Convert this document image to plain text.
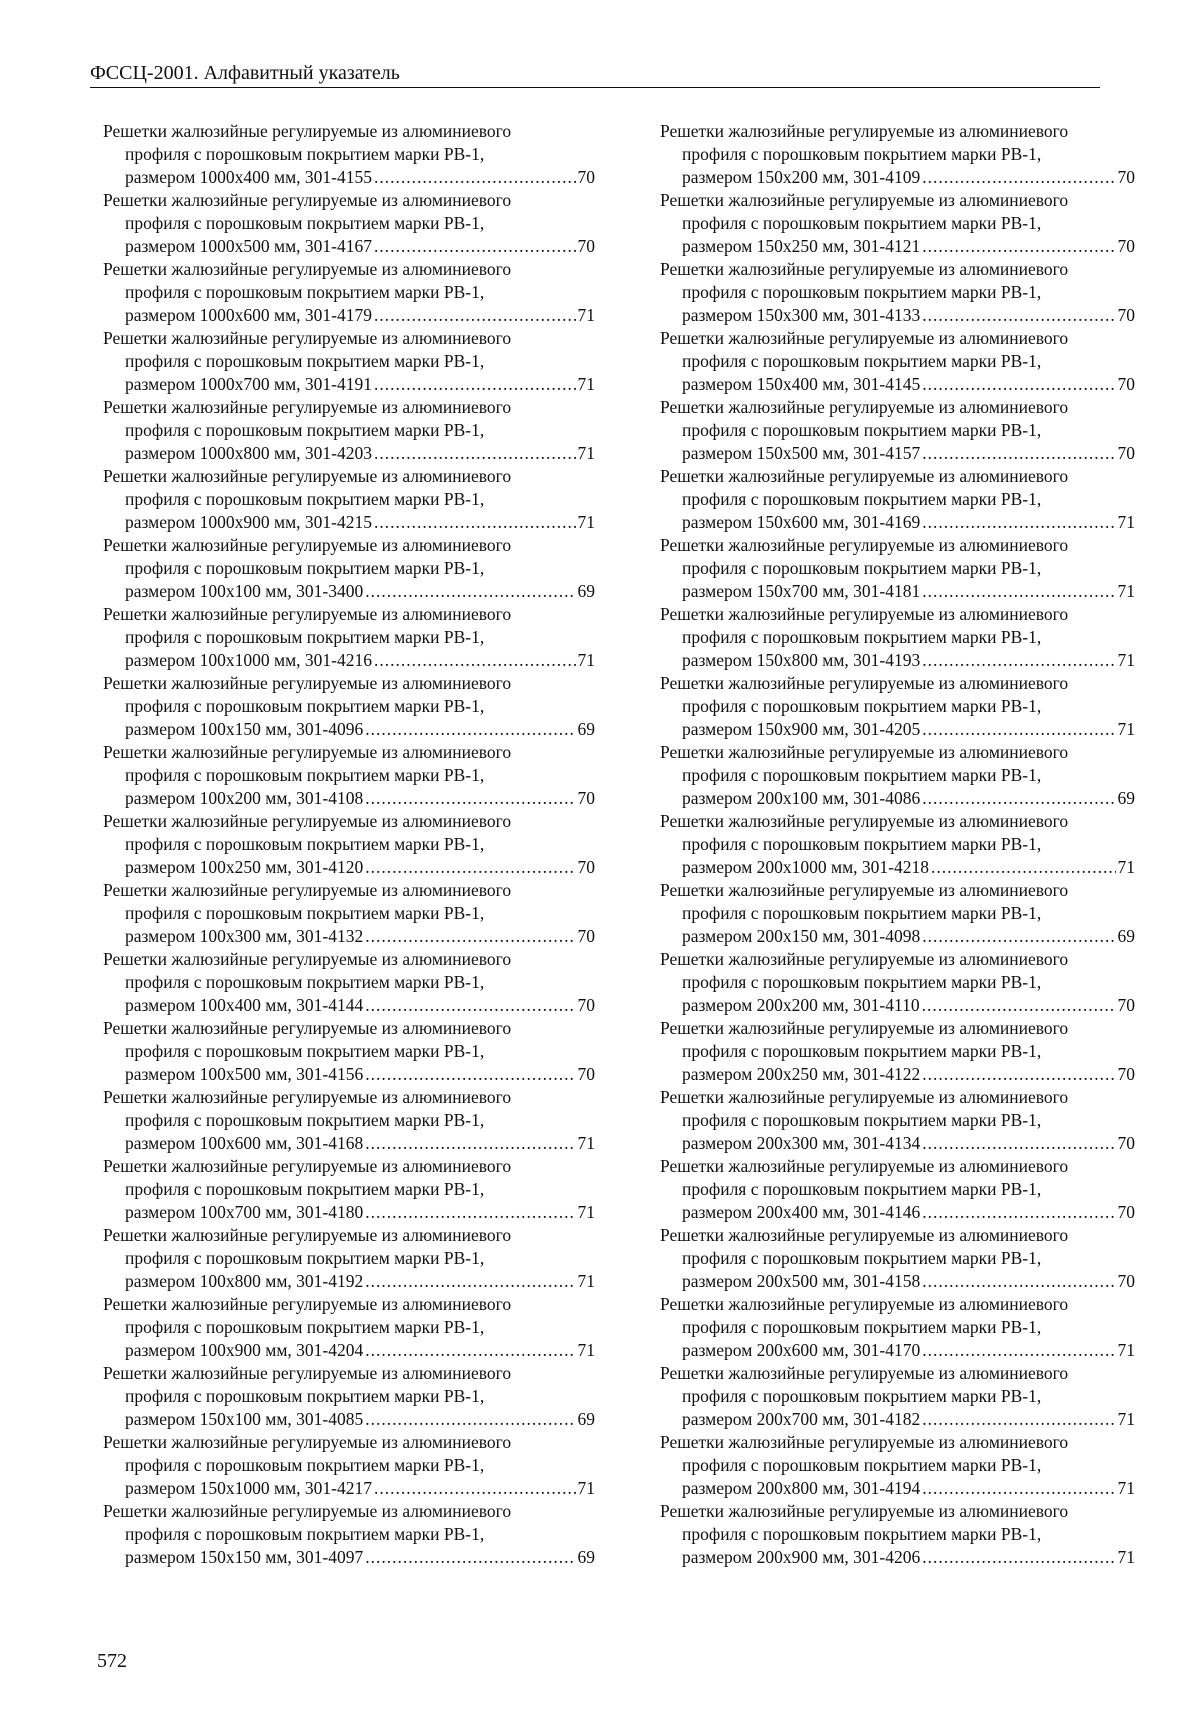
ФССЦ-2001. Алфавитный указатель
Решетки жалюзийные регулируемые из алюминиевого
профиля с порошковым покрытием марки РВ-1,
размером 1000х400 мм, 301-4155 .....	70
Решетки жалюзийные регулируемые из алюминиевого
профиля с порошковым покрытием марки РВ-1,
размером 1000х500 мм, 301-4167 .....	70
Решетки жалюзийные регулируемые из алюминиевого
профиля с порошковым покрытием марки РВ-1,
размером 1000х600 мм, 301-4179 .....	71
Решетки жалюзийные регулируемые из алюминиевого
профиля с порошковым покрытием марки РВ-1,
размером 1000х700 мм, 301-4191 .....	71
Решетки жалюзийные регулируемые из алюминиевого
профиля с порошковым покрытием марки РВ-1,
размером 1000х800 мм, 301-4203 .....	71
Решетки жалюзийные регулируемые из алюминиевого
профиля с порошковым покрытием марки РВ-1,
размером 1000х900 мм, 301-4215 .....	71
Решетки жалюзийные регулируемые из алюминиевого
профиля с порошковым покрытием марки РВ-1,
размером 100х100 мм, 301-3400 .....	69
Решетки жалюзийные регулируемые из алюминиевого
профиля с порошковым покрытием марки РВ-1,
размером 100х1000 мм, 301-4216 .....	71
Решетки жалюзийные регулируемые из алюминиевого
профиля с порошковым покрытием марки РВ-1,
размером 100х150 мм, 301-4096 .....	69
Решетки жалюзийные регулируемые из алюминиевого
профиля с порошковым покрытием марки РВ-1,
размером 100х200 мм, 301-4108 .....	70
Решетки жалюзийные регулируемые из алюминиевого
профиля с порошковым покрытием марки РВ-1,
размером 100х250 мм, 301-4120 .....	70
Решетки жалюзийные регулируемые из алюминиевого
профиля с порошковым покрытием марки РВ-1,
размером 100х300 мм, 301-4132 .....	70
Решетки жалюзийные регулируемые из алюминиевого
профиля с порошковым покрытием марки РВ-1,
размером 100х400 мм, 301-4144 .....	70
Решетки жалюзийные регулируемые из алюминиевого
профиля с порошковым покрытием марки РВ-1,
размером 100х500 мм, 301-4156 .....	70
Решетки жалюзийные регулируемые из алюминиевого
профиля с порошковым покрытием марки РВ-1,
размером 100х600 мм, 301-4168 .....	71
Решетки жалюзийные регулируемые из алюминиевого
профиля с порошковым покрытием марки РВ-1,
размером 100х700 мм, 301-4180 .....	71
Решетки жалюзийные регулируемые из алюминиевого
профиля с порошковым покрытием марки РВ-1,
размером 100х800 мм, 301-4192 .....	71
Решетки жалюзийные регулируемые из алюминиевого
профиля с порошковым покрытием марки РВ-1,
размером 100х900 мм, 301-4204 .....	71
Решетки жалюзийные регулируемые из алюминиевого
профиля с порошковым покрытием марки РВ-1,
размером 150х100 мм, 301-4085 .....	69
Решетки жалюзийные регулируемые из алюминиевого
профиля с порошковым покрытием марки РВ-1,
размером 150х1000 мм, 301-4217 .....	71
Решетки жалюзийные регулируемые из алюминиевого
профиля с порошковым покрытием марки РВ-1,
размером 150х150 мм, 301-4097 .....	69
Решетки жалюзийные регулируемые из алюминиевого
профиля с порошковым покрытием марки РВ-1,
размером 150х200 мм, 301-4109 .....	70
Решетки жалюзийные регулируемые из алюминиевого
профиля с порошковым покрытием марки РВ-1,
размером 150х250 мм, 301-4121 .....	70
Решетки жалюзийные регулируемые из алюминиевого
профиля с порошковым покрытием марки РВ-1,
размером 150х300 мм, 301-4133 .....	70
Решетки жалюзийные регулируемые из алюминиевого
профиля с порошковым покрытием марки РВ-1,
размером 150х400 мм, 301-4145 .....	70
Решетки жалюзийные регулируемые из алюминиевого
профиля с порошковым покрытием марки РВ-1,
размером 150х500 мм, 301-4157 .....	70
Решетки жалюзийные регулируемые из алюминиевого
профиля с порошковым покрытием марки РВ-1,
размером 150х600 мм, 301-4169 .....	71
Решетки жалюзийные регулируемые из алюминиевого
профиля с порошковым покрытием марки РВ-1,
размером 150х700 мм, 301-4181 .....	71
Решетки жалюзийные регулируемые из алюминиевого
профиля с порошковым покрытием марки РВ-1,
размером 150х800 мм, 301-4193 .....	71
Решетки жалюзийные регулируемые из алюминиевого
профиля с порошковым покрытием марки РВ-1,
размером 150х900 мм, 301-4205 .....	71
Решетки жалюзийные регулируемые из алюминиевого
профиля с порошковым покрытием марки РВ-1,
размером 200х100 мм, 301-4086 .....	69
Решетки жалюзийные регулируемые из алюминиевого
профиля с порошковым покрытием марки РВ-1,
размером 200х1000 мм, 301-4218 .....	71
Решетки жалюзийные регулируемые из алюминиевого
профиля с порошковым покрытием марки РВ-1,
размером 200х150 мм, 301-4098 .....	69
Решетки жалюзийные регулируемые из алюминиевого
профиля с порошковым покрытием марки РВ-1,
размером 200х200 мм, 301-4110 .....	70
Решетки жалюзийные регулируемые из алюминиевого
профиля с порошковым покрытием марки РВ-1,
размером 200х250 мм, 301-4122 .....	70
Решетки жалюзийные регулируемые из алюминиевого
профиля с порошковым покрытием марки РВ-1,
размером 200х300 мм, 301-4134 .....	70
Решетки жалюзийные регулируемые из алюминиевого
профиля с порошковым покрытием марки РВ-1,
размером 200х400 мм, 301-4146 .....	70
Решетки жалюзийные регулируемые из алюминиевого
профиля с порошковым покрытием марки РВ-1,
размером 200х500 мм, 301-4158 .....	70
Решетки жалюзийные регулируемые из алюминиевого
профиля с порошковым покрытием марки РВ-1,
размером 200х600 мм, 301-4170 .....	71
Решетки жалюзийные регулируемые из алюминиевого
профиля с порошковым покрытием марки РВ-1,
размером 200х700 мм, 301-4182 .....	71
Решетки жалюзийные регулируемые из алюминиевого
профиля с порошковым покрытием марки РВ-1,
размером 200х800 мм, 301-4194 .....	71
Решетки жалюзийные регулируемые из алюминиевого
профиля с порошковым покрытием марки РВ-1,
размером 200х900 мм, 301-4206 .....	71
572
